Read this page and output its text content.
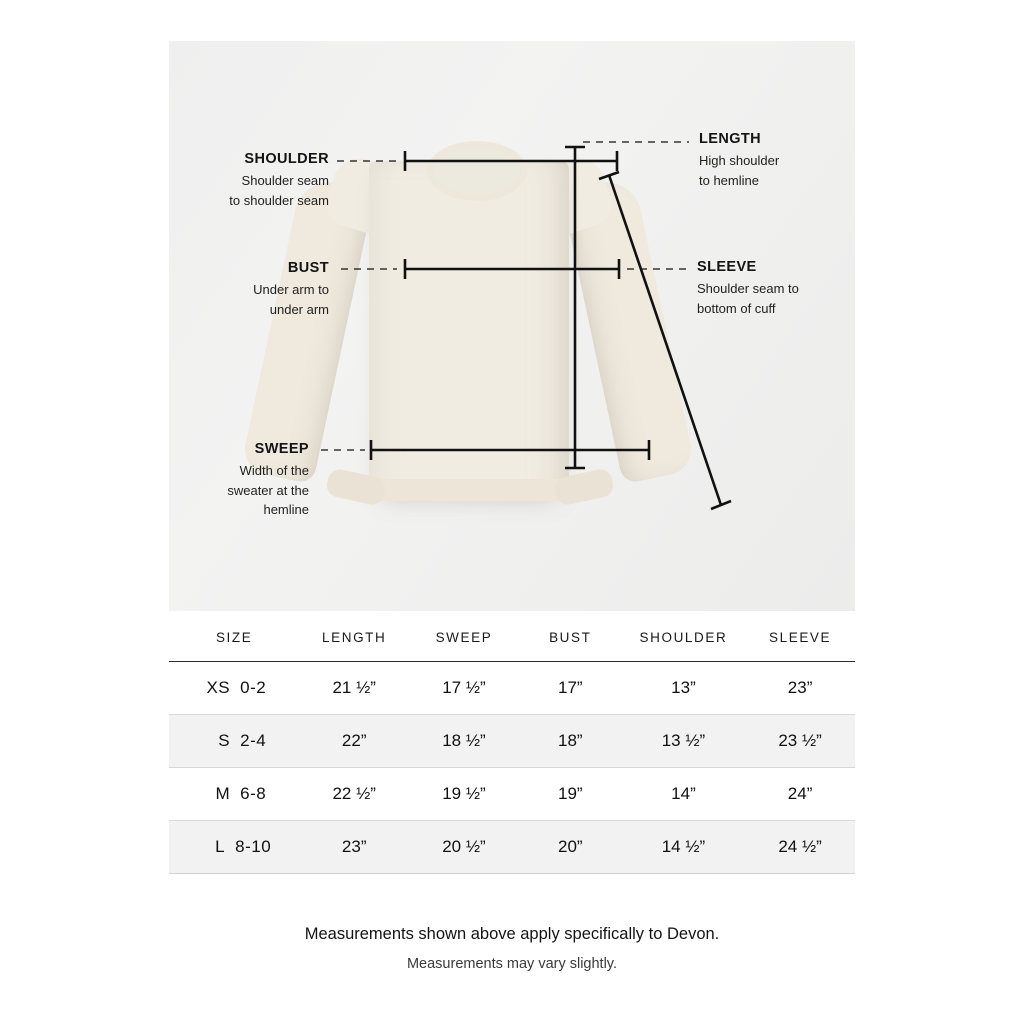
SHOULDER
Shoulder seam
to shoulder seam
BUST
Under arm to
under arm
SWEEP
Width of the
sweater at the
hemline
LENGTH
High shoulder
to hemline
SLEEVE
Shoulder seam to
bottom of cuff
SIZE	LENGTH	SWEEP	BUST	SHOULDER	SLEEVE
XS 0-2	21 ½”	17 ½”	17”	13”	23”
S 2-4	22”	18 ½”	18”	13 ½”	23 ½”
M 6-8	22 ½”	19 ½”	19”	14”	24”
L 8-10	23”	20 ½”	20”	14 ½”	24 ½”
Measurements shown above apply specifically to Devon.
Measurements may vary slightly.
